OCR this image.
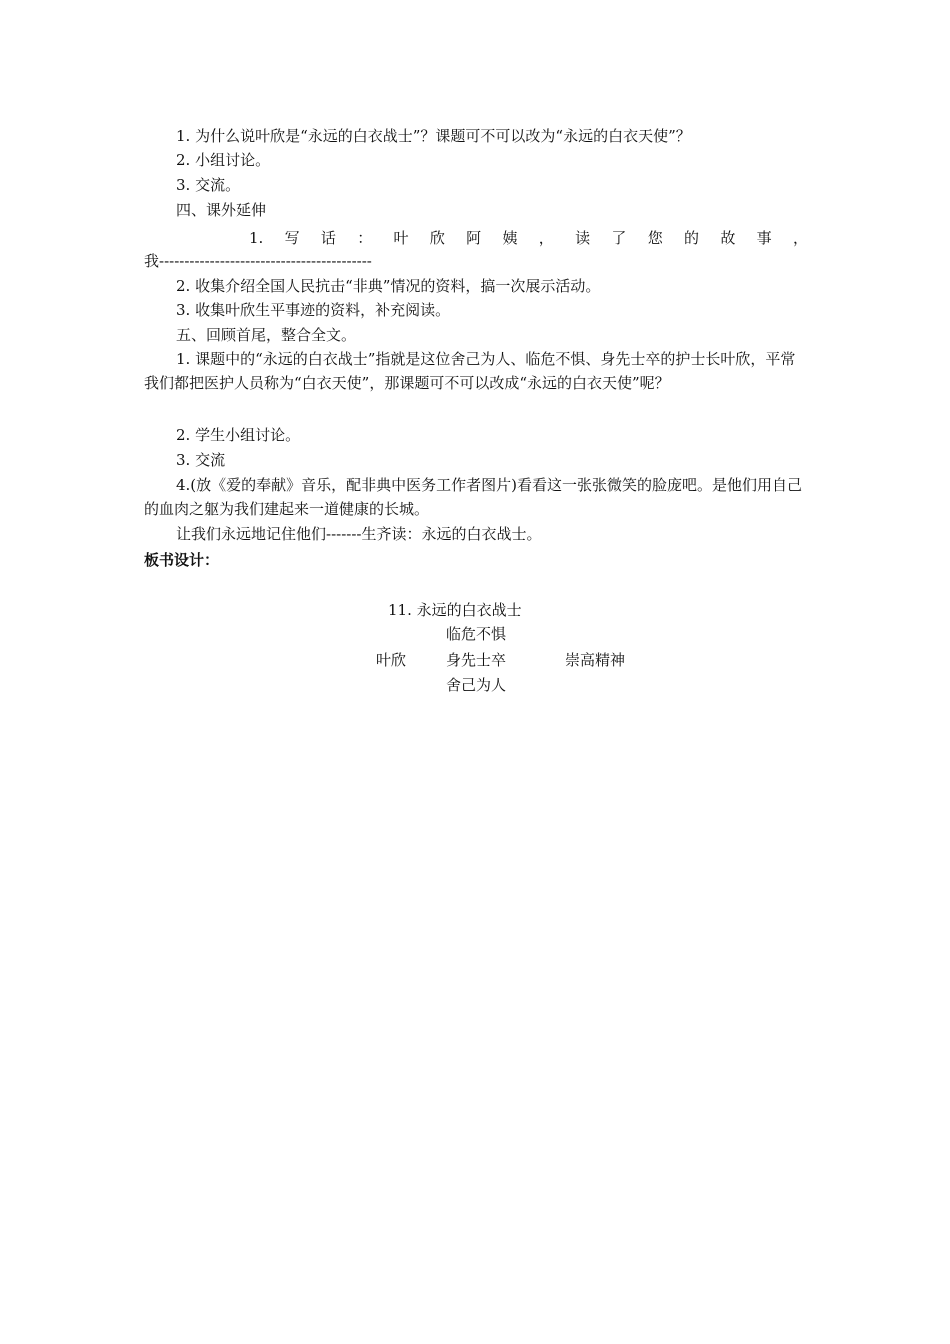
1. 为什么说叶欣是“永远的白衣战士”？课题可不可以改为“永远的白衣天使”？
2. 小组讨论。
3. 交流。
四、课外延伸
1. 写 话 ： 叶 欣 阿 姨 ， 读 了 您 的 故 事 ，
我------------------------------------------
2. 收集介绍全国人民抗击“非典”情况的资料，搞一次展示活动。
3. 收集叶欣生平事迹的资料，补充阅读。
五、回顾首尾，整合全文。
1. 课题中的“永远的白衣战士”指就是这位舍己为人、临危不惧、身先士卒的护士长叶欣，平常我们都把医护人员称为“白衣天使”，那课题可不可以改成“永远的白衣天使”呢？
2. 学生小组讨论。
3. 交流
4.(放《爱的奉献》音乐，配非典中医务工作者图片)看看这一张张微笑的脸庞吧。是他们用自己的血肉之躯为我们建起来一道健康的长城。
让我们永远地记住他们-------生齐读：永远的白衣战士。
板书设计：
11. 永远的白衣战士
临危不惧
叶欣	身先士卒	崇高精神
舍己为人
